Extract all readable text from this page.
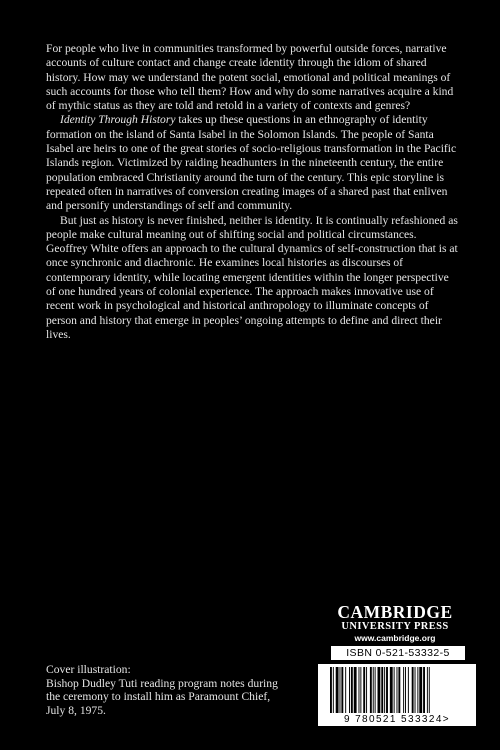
For people who live in communities transformed by powerful outside forces, narrative accounts of culture contact and change create identity through the idiom of shared history. How may we understand the potent social, emotional and political meanings of such accounts for those who tell them? How and why do some narratives acquire a kind of mythic status as they are told and retold in a variety of contexts and genres?

Identity Through History takes up these questions in an ethnography of identity formation on the island of Santa Isabel in the Solomon Islands. The people of Santa Isabel are heirs to one of the great stories of socio-religious transformation in the Pacific Islands region. Victimized by raiding headhunters in the nineteenth century, the entire population embraced Christianity around the turn of the century. This epic storyline is repeated often in narratives of conversion creating images of a shared past that enliven and personify understandings of self and community.

But just as history is never finished, neither is identity. It is continually refashioned as people make cultural meaning out of shifting social and political circumstances. Geoffrey White offers an approach to the cultural dynamics of self-construction that is at once synchronic and diachronic. He examines local histories as discourses of contemporary identity, while locating emergent identities within the longer perspective of one hundred years of colonial experience. The approach makes innovative use of recent work in psychological and historical anthropology to illuminate concepts of person and history that emerge in peoples’ ongoing attempts to define and direct their lives.

CAMBRIDGE
UNIVERSITY PRESS
www.cambridge.org
ISBN 0-521-53332-5
9 780521 533324>
Cover illustration:
Bishop Dudley Tuti reading program notes during
the ceremony to install him as Paramount Chief,
July 8, 1975.
